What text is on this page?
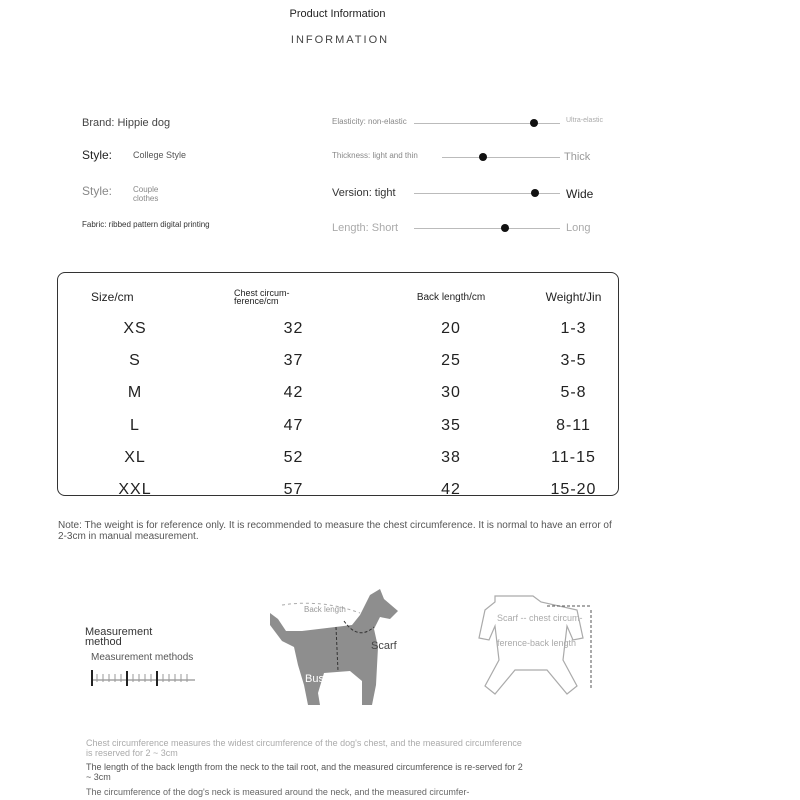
Product Information
INFORMATION
Brand: Hippie dog
Style: College Style
Style:	Couple clothes
Fabric: ribbed pattern digital printing
Elasticity: non-elastic	Ultra-elastic
Thickness: light and thin	Thick
Version: tight	Wide
Length: Short	Long
Size/cm	Chest circum-ference/cm	Back length/cm	Weight/Jin
XS	32	20	1-3
S	37	25	3-5
M	42	30	5-8
L	47	35	8-11
XL	52	38	11-15
XXL	57	42	15-20
Note: The weight is for reference only. It is recommended to measure the chest circumference. It is normal to have an error of 2-3cm in manual measurement.
Measurement method
Measurement methods
Back length
Scarf
Bust
Scarf -- chest circum-
ference-back length
Chest circumference measures the widest circumference of the dog's chest, and the measured circumference is reserved for 2 ~ 3cm
The length of the back length from the neck to the tail root, and the measured circumference is re-served for 2 ~ 3cm
The circumference of the dog's neck is measured around the neck, and the measured circumfer-
